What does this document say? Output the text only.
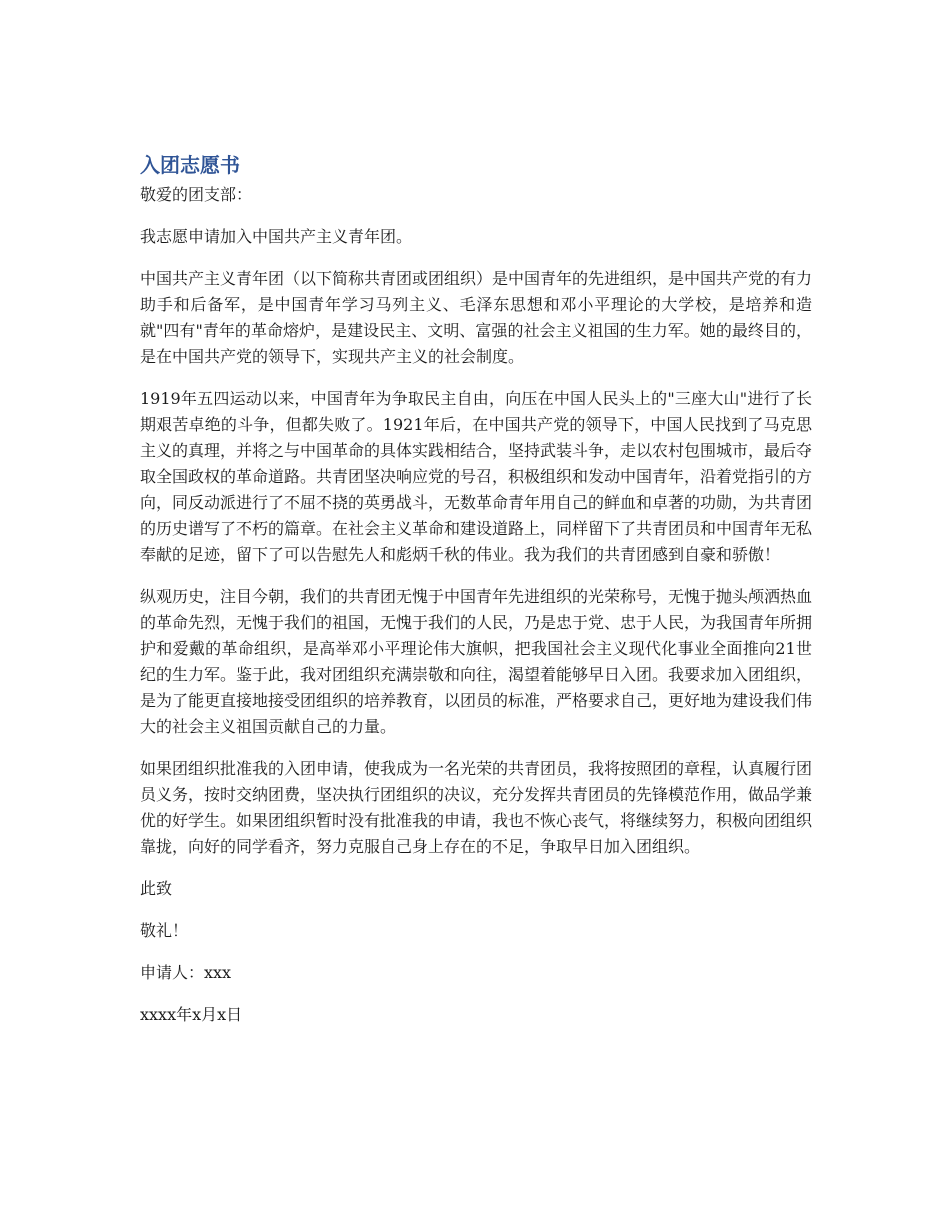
入团志愿书

敬爱的团支部：

我志愿申请加入中国共产主义青年团。

中国共产主义青年团（以下简称共青团或团组织）是中国青年的先进组织，是中国共产党的有力助手和后备军，是中国青年学习马列主义、毛泽东思想和邓小平理论的大学校，是培养和造就"四有"青年的革命熔炉，是建设民主、文明、富强的社会主义祖国的生力军。她的最终目的，是在中国共产党的领导下，实现共产主义的社会制度。

1919年五四运动以来，中国青年为争取民主自由，向压在中国人民头上的"三座大山"进行了长期艰苦卓绝的斗争，但都失败了。1921年后，在中国共产党的领导下，中国人民找到了马克思主义的真理，并将之与中国革命的具体实践相结合，坚持武装斗争，走以农村包围城市，最后夺取全国政权的革命道路。共青团坚决响应党的号召，积极组织和发动中国青年，沿着党指引的方向，同反动派进行了不屈不挠的英勇战斗，无数革命青年用自己的鲜血和卓著的功勋，为共青团的历史谱写了不朽的篇章。在社会主义革命和建设道路上，同样留下了共青团员和中国青年无私奉献的足迹，留下了可以告慰先人和彪炳千秋的伟业。我为我们的共青团感到自豪和骄傲！

纵观历史，注目今朝，我们的共青团无愧于中国青年先进组织的光荣称号，无愧于抛头颅洒热血的革命先烈，无愧于我们的祖国，无愧于我们的人民，乃是忠于党、忠于人民，为我国青年所拥护和爱戴的革命组织，是高举邓小平理论伟大旗帜，把我国社会主义现代化事业全面推向21世纪的生力军。鉴于此，我对团组织充满崇敬和向往，渴望着能够早日入团。我要求加入团组织，是为了能更直接地接受团组织的培养教育，以团员的标准，严格要求自己，更好地为建设我们伟大的社会主义祖国贡献自己的力量。

如果团组织批准我的入团申请，使我成为一名光荣的共青团员，我将按照团的章程，认真履行团员义务，按时交纳团费，坚决执行团组织的决议，充分发挥共青团员的先锋模范作用，做品学兼优的好学生。如果团组织暂时没有批准我的申请，我也不恢心丧气，将继续努力，积极向团组织靠拢，向好的同学看齐，努力克服自己身上存在的不足，争取早日加入团组织。

此致

敬礼！

申请人：xxx

xxxx年x月x日
